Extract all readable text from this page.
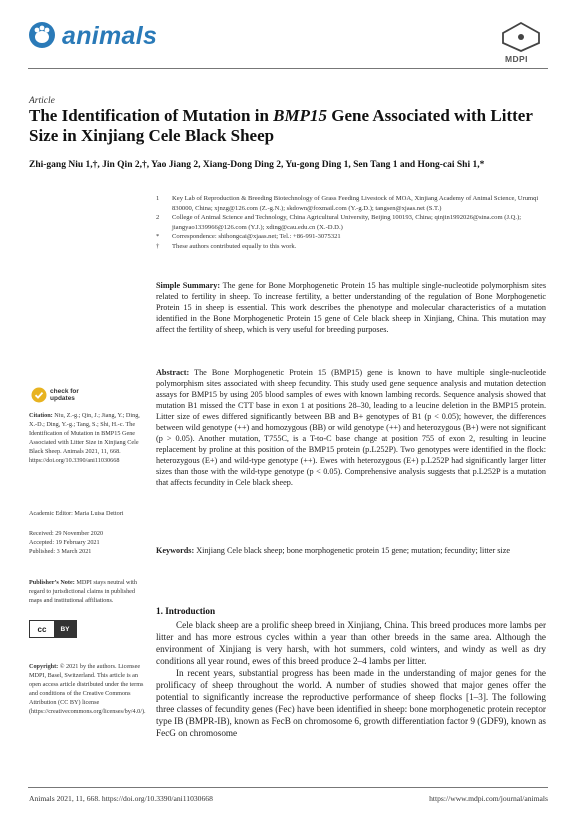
animals
MDPI
Article
The Identification of Mutation in BMP15 Gene Associated with Litter Size in Xinjiang Cele Black Sheep
Zhi-gang Niu 1,†, Jin Qin 2,†, Yao Jiang 2, Xiang-Dong Ding 2, Yu-gong Ding 1, Sen Tang 1 and Hong-cai Shi 1,*
1	Key Lab of Reproduction & Breeding Biotechnology of Grass Feeding Livestock of MOA, Xinjiang Academy of Animal Science, Urumqi 830000, China; xjnzg@126.com (Z.-g.N.); skdown@foxmail.com (Y.-g.D.); tangsen@xjaas.net (S.T.)
2	College of Animal Science and Technology, China Agricultural University, Beijing 100193, China; qinjin1992026@sina.com (J.Q.); jiangyao1339966@126.com (Y.J.); xding@cau.edu.cn (X.-D.D.)
*	Correspondence: shihongcai@xjaas.net; Tel.: +86-991-3075321
†	These authors contributed equally to this work.
Simple Summary: The gene for Bone Morphogenetic Protein 15 has multiple single-nucleotide polymorphism sites related to fertility in sheep. To increase fertility, a better understanding of the regulation of Bone Morphogenetic Protein 15 in sheep is essential. This work describes the phenotype and molecular characteristics of a mutation identified in the Bone Morphogenetic Protein 15 gene of Cele black sheep in Xinjiang, China. This mutation may affect the fertility of sheep, which is very useful for breeding purposes.
Abstract: The Bone Morphogenetic Protein 15 (BMP15) gene is known to have multiple single-nucleotide polymorphism sites associated with sheep fecundity. This study used gene sequence analysis and mutation detection assays for BMP15 by using 205 blood samples of ewes with known lambing records. Sequence analysis showed that mutation B1 missed the CTT base in exon 1 at positions 28–30, leading to a leucine deletion in the BMP15 protein. Litter size of ewes differed significantly between BB and B+ genotypes of B1 (p < 0.05); however, the differences between wild genotype (++) and homozygous (BB) or wild genotype (++) and heterozygous (B+) were not significant (p > 0.05). Another mutation, T755C, is a T-to-C base change at position 755 of exon 2, resulting in leucine replacement by proline at this position of the BMP15 protein (p.L252P). Two genotypes were identified in the flock: heterozygous (E+) and wild-type genotype (++). Ewes with heterozygous (E+) p.L252P had significantly larger litter sizes than those with the wild-type genotype (p < 0.05). Comprehensive analysis suggests that p.L252P is a mutation that affects fecundity in Cele black sheep.
Keywords: Xinjiang Cele black sheep; bone morphogenetic protein 15 gene; mutation; fecundity; litter size
check for updates
Citation: Niu, Z.-g.; Qin, J.; Jiang, Y.; Ding, X.-D.; Ding, Y.-g.; Tang, S.; Shi, H.-c. The Identification of Mutation in BMP15 Gene Associated with Litter Size in Xinjiang Cele Black Sheep. Animals 2021, 11, 668. https://doi.org/10.3390/ani11030668
Academic Editor: Maria Luisa Dettori
Received: 29 November 2020
Accepted: 19 February 2021
Published: 3 March 2021
Publisher’s Note: MDPI stays neutral with regard to jurisdictional claims in published maps and institutional affiliations.
cc	BY
Copyright: © 2021 by the authors. Licensee MDPI, Basel, Switzerland. This article is an open access article distributed under the terms and conditions of the Creative Commons Attribution (CC BY) license (https://creativecommons.org/licenses/by/4.0/).
1. Introduction

Cele black sheep are a prolific sheep breed in Xinjiang, China. This breed produces more lambs per litter and has more estrous cycles within a year than other breeds in the same area. Although the environment of Xinjiang is very harsh, with hot summers, cold winters, and windy as well as dry conditions all year round, ewes of this breed produce 2–4 lambs per litter.

In recent years, substantial progress has been made in the understanding of major genes for the prolificacy of sheep throughout the world. A number of studies showed that major genes offer the potential to significantly increase the reproductive performance of sheep flocks [1–3]. The following three classes of fecundity genes (Fec) have been identified in sheep: bone morphogenetic protein receptor type IB (BMPR-IB), known as FecB on chromosome 6, growth differentiation factor 9 (GDF9), known as FecG on chromosome

Animals 2021, 11, 668. https://doi.org/10.3390/ani11030668	https://www.mdpi.com/journal/animals
